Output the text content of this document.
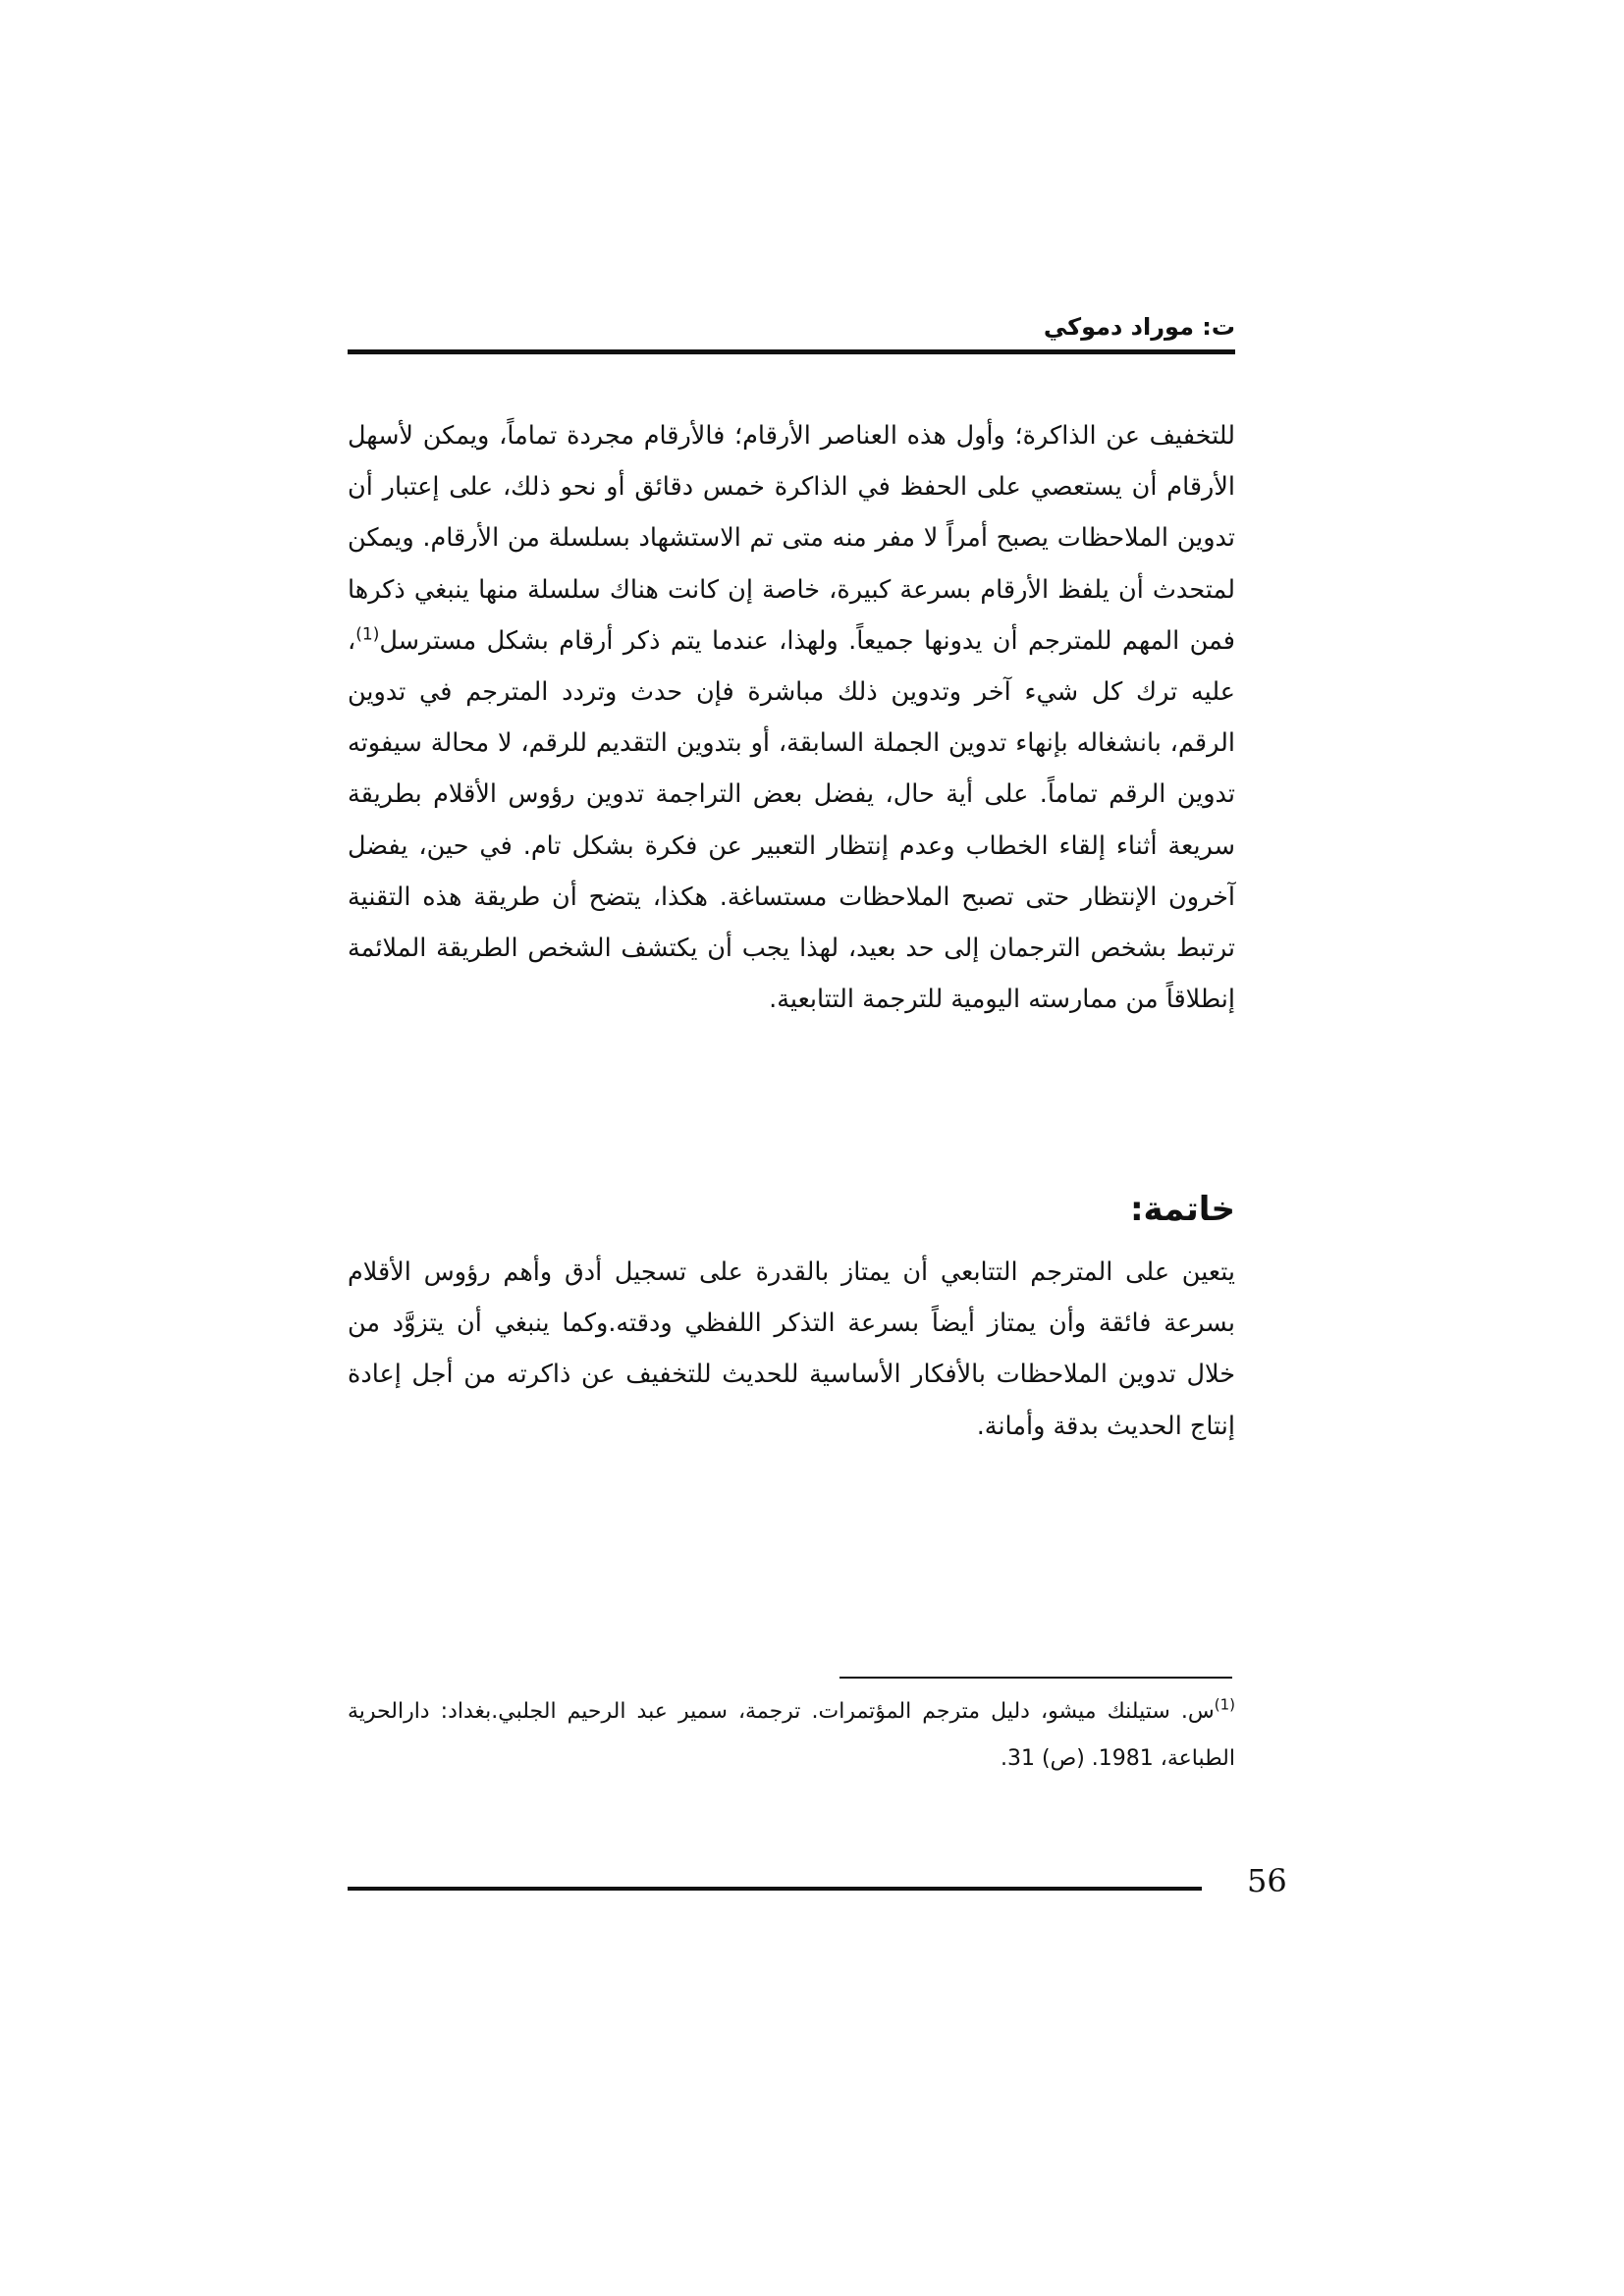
ت: موراد دموكي

للتخفيف عن الذاكرة؛ وأول هذه العناصر الأرقام؛ فالأرقام مجردة تماماً، ويمكن لأسهل الأرقام أن يستعصي على الحفظ في الذاكرة خمس دقائق أو نحو ذلك، على إعتبار أن تدوين الملاحظات يصبح أمراً لا مفر منه متى تم الاستشهاد بسلسلة من الأرقام. ويمكن لمتحدث أن يلفظ الأرقام بسرعة كبيرة، خاصة إن كانت هناك سلسلة منها ينبغي ذكرها فمن المهم للمترجم أن يدونها جميعاً. ولهذا، عندما يتم ذكر أرقام بشكل مسترسل$^{(1)}$، عليه ترك كل شيء آخر وتدوين ذلك مباشرة فإن حدث وتردد المترجم في تدوين الرقم، بانشغاله بإنهاء تدوين الجملة السابقة، أو بتدوين التقديم للرقم، لا محالة سيفوته تدوين الرقم تماماً. على أية حال، يفضل بعض التراجمة تدوين رؤوس الأقلام بطريقة سريعة أثناء إلقاء الخطاب وعدم إنتظار التعبير عن فكرة بشكل تام. في حين، يفضل آخرون الإنتظار حتى تصبح الملاحظات مستساغة. هكذا، يتضح أن طريقة هذه التقنية ترتبط بشخص الترجمان إلى حد بعيد، لهذا يجب أن يكتشف الشخص الطريقة الملائمة إنطلاقاً من ممارسته اليومية للترجمة التتابعية.

خاتمة:

يتعين على المترجم التتابعي أن يمتاز بالقدرة على تسجيل أدق وأهم رؤوس الأقلام بسرعة فائقة وأن يمتاز أيضاً بسرعة التذكر اللفظي ودقته.وكما ينبغي أن يتزوَّد من خلال تدوين الملاحظات بالأفكار الأساسية للحديث للتخفيف عن ذاكرته من أجل إعادة إنتاج الحديث بدقة وأمانة.

$^{(1)}$س. ستيلنك ميشو، دليل مترجم المؤتمرات. ترجمة، سمير عبد الرحيم الجلبي.بغداد: دارالحرية الطباعة، 1981. (ص) 31.

56
